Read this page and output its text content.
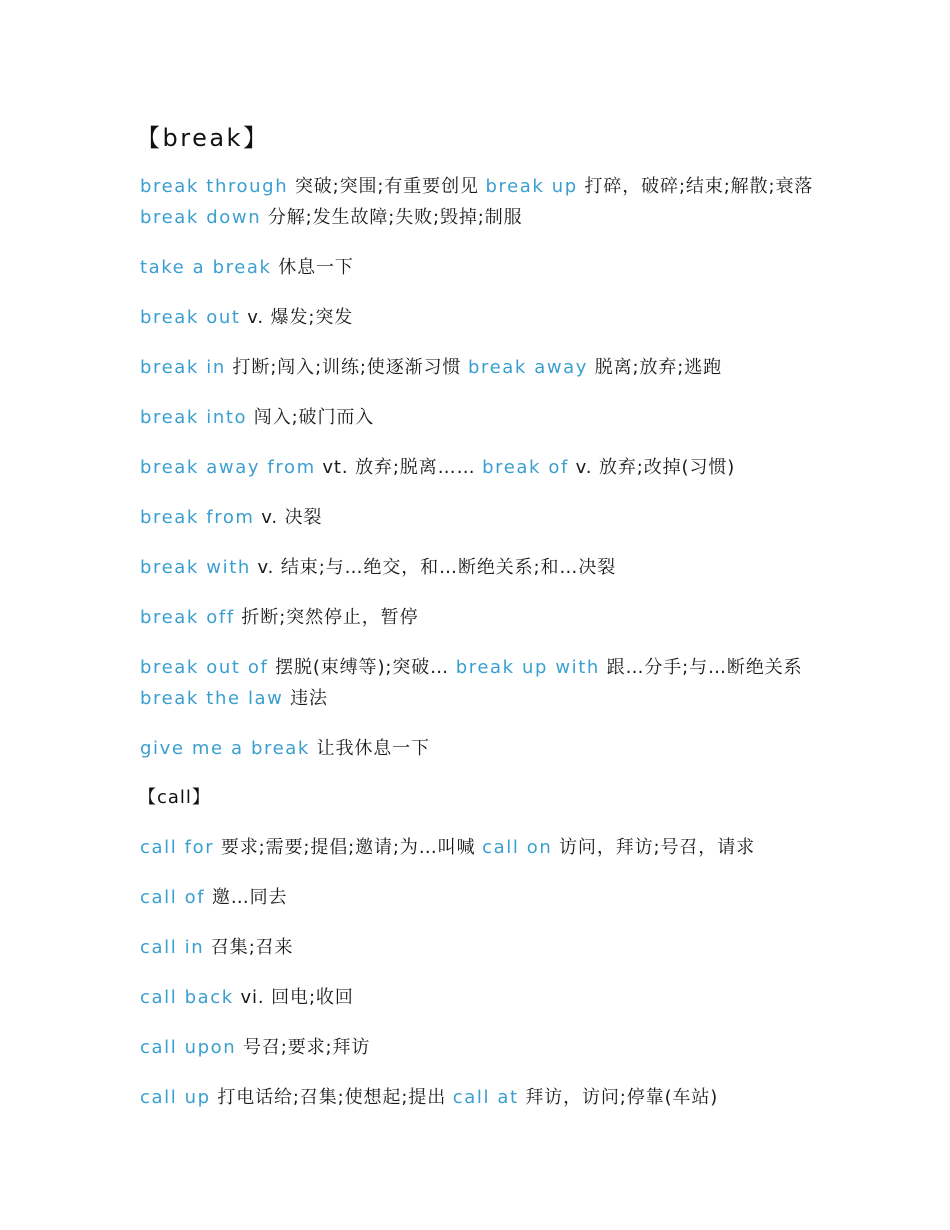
【break】
break through 突破;突围;有重要创见 break up 打碎，破碎;结束;解散;衰落 break down 分解;发生故障;失败;毁掉;制服
take a break 休息一下
break out v. 爆发;突发
break in 打断;闯入;训练;使逐渐习惯 break away 脱离;放弃;逃跑
break into 闯入;破门而入
break away from vt. 放弃;脱离…… break of v. 放弃;改掉(习惯)
break from v. 决裂
break with v. 结束;与…绝交，和…断绝关系;和…决裂
break off 折断;突然停止，暂停
break out of 摆脱(束缚等);突破… break up with 跟…分手;与…断绝关系 break the law 违法
give me a break 让我休息一下
【call】
call for 要求;需要;提倡;邀请;为…叫喊 call on 访问，拜访;号召，请求
call of 邀…同去
call in 召集;召来
call back vi. 回电;收回
call upon 号召;要求;拜访
call up 打电话给;召集;使想起;提出 call at 拜访，访问;停靠(车站)
